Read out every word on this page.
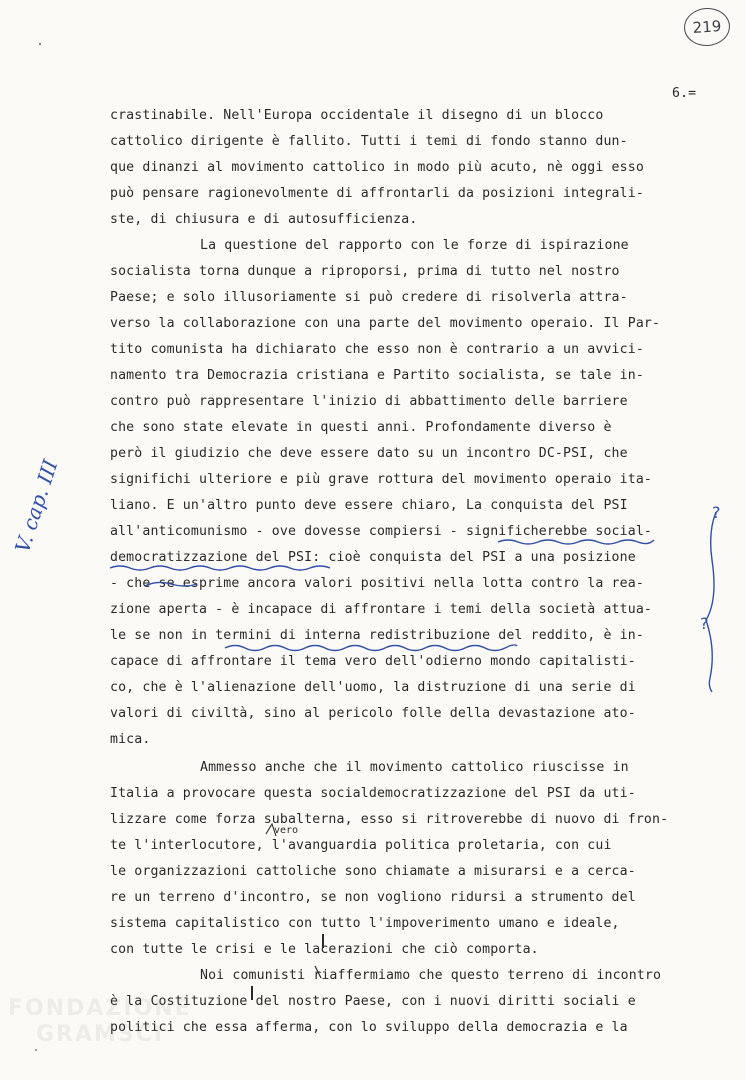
219
6.=
crastinabile. Nell'Europa occidentale il disegno di un blocco
cattolico dirigente è fallito. Tutti i temi di fondo stanno dun-
que dinanzi al movimento cattolico in modo più acuto, nè oggi esso
può pensare ragionevolmente di affrontarli da posizioni integrali-
ste, di chiusura e di autosufficienza.
La questione del rapporto con le forze di ispirazione
socialista torna dunque a riproporsi, prima di tutto nel nostro
Paese; e solo illusoriamente si può credere di risolverla attra-
verso la collaborazione con una parte del movimento operaio. Il Par-
tito comunista ha dichiarato che esso non è contrario a un avvici-
namento tra Democrazia cristiana e Partito socialista, se tale in-
contro può rappresentare l'inizio di abbattimento delle barriere
che sono state elevate in questi anni. Profondamente diverso è
però il giudizio che deve essere dato su un incontro DC-PSI, che
significhi ulteriore e più grave rottura del movimento operaio ita-
liano. E un'altro punto deve essere chiaro, La conquista del PSI
all'anticomunismo - ove dovesse compiersi - significherebbe social-
democratizzazione del PSI: cioè conquista del PSI a una posizione
- che se esprime ancora valori positivi nella lotta contro la rea-
zione aperta - è incapace di affrontare i temi della società attua-
le se non in termini di interna redistribuzione del reddito, è in-
capace di affrontare il tema vero dell'odierno mondo capitalisti-
co, che è l'alienazione dell'uomo, la distruzione di una serie di
valori di civiltà, sino al pericolo folle della devastazione ato-
mica.
Ammesso anche che il movimento cattolico riuscisse in
Italia a provocare questa socialdemocratizzazione del PSI da uti-
lizzare come forza subalterna, esso si ritroverebbe di nuovo di fron-
te l'interlocutore, l'avanguardia politica proletaria, con cui
le organizzazioni cattoliche sono chiamate a misurarsi e a cerca-
re un terreno d'incontro, se non vogliono ridursi a strumento del
sistema capitalistico con tutto l'impoverimento umano e ideale,
con tutte le crisi e le lacerazioni che ciò comporta.
Noi comunisti riaffermiamo che questo terreno di incontro
è la Costituzione del nostro Paese, con i nuovi diritti sociali e
politici che essa afferma, con lo sviluppo della democrazia e la
vero
V. cap. III	?
?
FONDAZIONE
GRAMSCI
